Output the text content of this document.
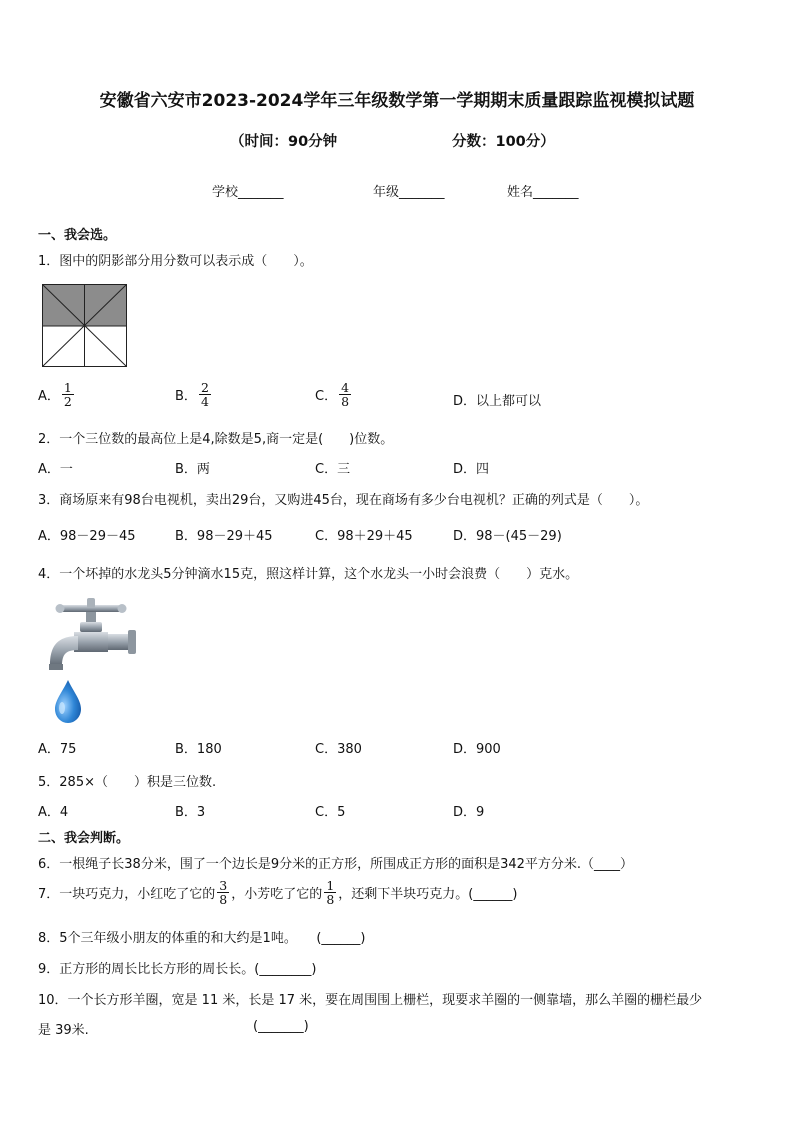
安徽省六安市2023-2024学年三年级数学第一学期期末质量跟踪监视模拟试题
（时间：90分钟	分数：100分）
学校_______	年级_______	姓名_______
一、我会选。
1．图中的阴影部分用分数可以表示成（　　）。
A． $\frac{1}{2}$	B． $\frac{2}{4}$	C． $\frac{4}{8}$	D．以上都可以
2．一个三位数的最高位上是4,除数是5,商一定是(　　)位数。
A．一	B．两	C．三	D．四
3．商场原来有98台电视机，卖出29台，又购进45台，现在商场有多少台电视机？正确的列式是（　　）。
A．98－29－45	B．98－29＋45	C．98＋29＋45	D．98－(45－29)
4．一个坏掉的水龙头5分钟滴水15克，照这样计算，这个水龙头一小时会浪费（　　）克水。
A．75	B．180	C．380	D．900
5．285×（　　）积是三位数.
A．4	B．3	C．5	D．9
二、我会判断。
6．一根绳子长38分米，围了一个边长是9分米的正方形，所围成正方形的面积是342平方分米.（____）
7．一块巧克力，小红吃了它的 $\frac{3}{8}$ ，小芳吃了它的 $\frac{1}{8}$ ，还剩下半块巧克力。(______)
8．5个三年级小朋友的体重的和大约是1吨。　　(______)
9．正方形的周长比长方形的周长长。(________)
10．一个长方形羊圈，宽是 11 米，长是 17 米，要在周围围上栅栏，现要求羊圈的一侧靠墙，那么羊圈的栅栏最少
是 39米.	(_______)
